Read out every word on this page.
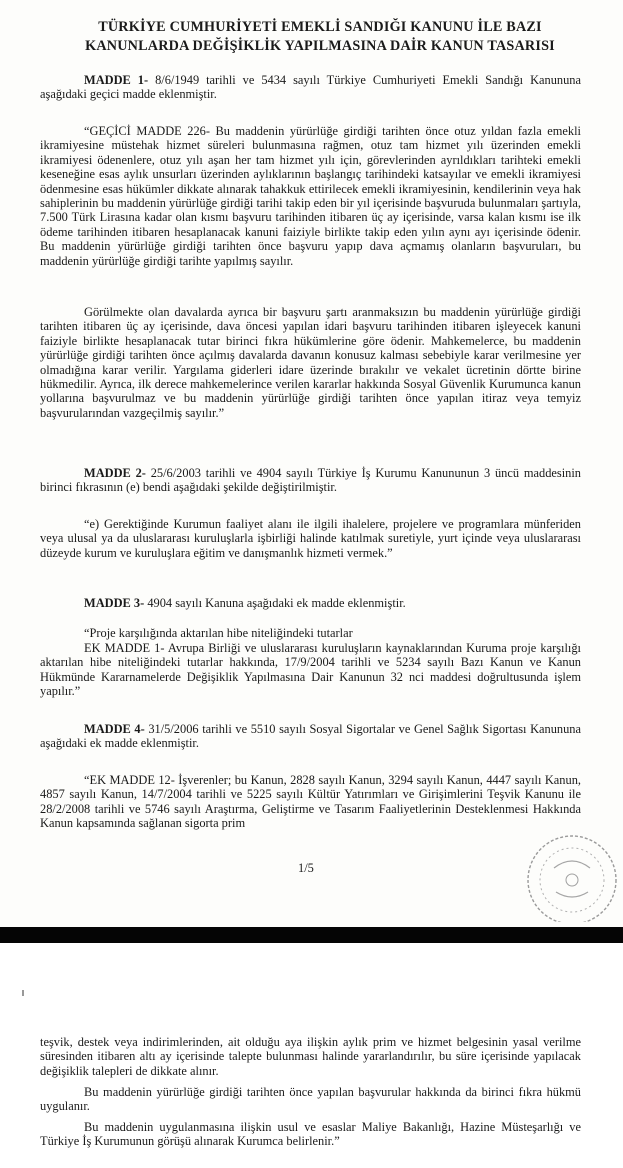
TÜRKİYE CUMHURİYETİ EMEKLİ SANDIĞI KANUNU İLE BAZI
KANUNLARDA DEĞİŞİKLİK YAPILMASINA DAİR KANUN TASARISI

MADDE 1- 8/6/1949 tarihli ve 5434 sayılı Türkiye Cumhuriyeti Emekli Sandığı Kanununa aşağıdaki geçici madde eklenmiştir.

“GEÇİCİ MADDE 226- Bu maddenin yürürlüğe girdiği tarihten önce otuz yıldan fazla emekli ikramiyesine müstehak hizmet süreleri bulunmasına rağmen, otuz tam hizmet yılı üzerinden emekli ikramiyesi ödenenlere, otuz yılı aşan her tam hizmet yılı için, görevlerinden ayrıldıkları tarihteki emekli keseneğine esas aylık unsurları üzerinden aylıklarının başlangıç tarihindeki katsayılar ve emekli ikramiyesi ödenmesine esas hükümler dikkate alınarak tahakkuk ettirilecek emekli ikramiyesinin, kendilerinin veya hak sahiplerinin bu maddenin yürürlüğe girdiği tarihi takip eden bir yıl içerisinde başvuruda bulunmaları şartıyla, 7.500 Türk Lirasına kadar olan kısmı başvuru tarihinden itibaren üç ay içerisinde, varsa kalan kısmı ise ilk ödeme tarihinden itibaren hesaplanacak kanuni faiziyle birlikte takip eden yılın aynı ayı içerisinde ödenir. Bu maddenin yürürlüğe girdiği tarihten önce başvuru yapıp dava açmamış olanların başvuruları, bu maddenin yürürlüğe girdiği tarihte yapılmış sayılır.

Görülmekte olan davalarda ayrıca bir başvuru şartı aranmaksızın bu maddenin yürürlüğe girdiği tarihten itibaren üç ay içerisinde, dava öncesi yapılan idari başvuru tarihinden itibaren işleyecek kanuni faiziyle birlikte hesaplanacak tutar birinci fıkra hükümlerine göre ödenir. Mahkemelerce, bu maddenin yürürlüğe girdiği tarihten önce açılmış davalarda davanın konusuz kalması sebebiyle karar verilmesine yer olmadığına karar verilir. Yargılama giderleri idare üzerinde bırakılır ve vekalet ücretinin dörtte birine hükmedilir. Ayrıca, ilk derece mahkemelerince verilen kararlar hakkında Sosyal Güvenlik Kurumunca kanun yollarına başvurulmaz ve bu maddenin yürürlüğe girdiği tarihten önce yapılan itiraz veya temyiz başvurularından vazgeçilmiş sayılır.”

MADDE 2- 25/6/2003 tarihli ve 4904 sayılı Türkiye İş Kurumu Kanununun 3 üncü maddesinin birinci fıkrasının (e) bendi aşağıdaki şekilde değiştirilmiştir.

“e) Gerektiğinde Kurumun faaliyet alanı ile ilgili ihalelere, projelere ve programlara münferiden veya ulusal ya da uluslararası kuruluşlarla işbirliği halinde katılmak suretiyle, yurt içinde veya uluslararası düzeyde kurum ve kuruluşlara eğitim ve danışmanlık hizmeti vermek.”

MADDE 3- 4904 sayılı Kanuna aşağıdaki ek madde eklenmiştir.

“Proje karşılığında aktarılan hibe niteliğindeki tutarlar

EK MADDE 1- Avrupa Birliği ve uluslararası kuruluşların kaynaklarından Kuruma proje karşılığı aktarılan hibe niteliğindeki tutarlar hakkında, 17/9/2004 tarihli ve 5234 sayılı Bazı Kanun ve Kanun Hükmünde Kararnamelerde Değişiklik Yapılmasına Dair Kanunun 32 nci maddesi doğrultusunda işlem yapılır.”

MADDE 4- 31/5/2006 tarihli ve 5510 sayılı Sosyal Sigortalar ve Genel Sağlık Sigortası Kanununa aşağıdaki ek madde eklenmiştir.

“EK MADDE 12- İşverenler; bu Kanun, 2828 sayılı Kanun, 3294 sayılı Kanun, 4447 sayılı Kanun, 4857 sayılı Kanun, 14/7/2004 tarihli ve 5225 sayılı Kültür Yatırımları ve Girişimlerini Teşvik Kanunu ile 28/2/2008 tarihli ve 5746 sayılı Araştırma, Geliştirme ve Tasarım Faaliyetlerinin Desteklenmesi Hakkında Kanun kapsamında sağlanan sigorta prim

1/5

teşvik, destek veya indirimlerinden, ait olduğu aya ilişkin aylık prim ve hizmet belgesinin yasal verilme süresinden itibaren altı ay içerisinde talepte bulunması halinde yararlandırılır, bu süre içerisinde yapılacak değişiklik talepleri de dikkate alınır.

Bu maddenin yürürlüğe girdiği tarihten önce yapılan başvurular hakkında da birinci fıkra hükmü uygulanır.

Bu maddenin uygulanmasına ilişkin usul ve esaslar Maliye Bakanlığı, Hazine Müsteşarlığı ve Türkiye İş Kurumunun görüşü alınarak Kurumca belirlenir.”
